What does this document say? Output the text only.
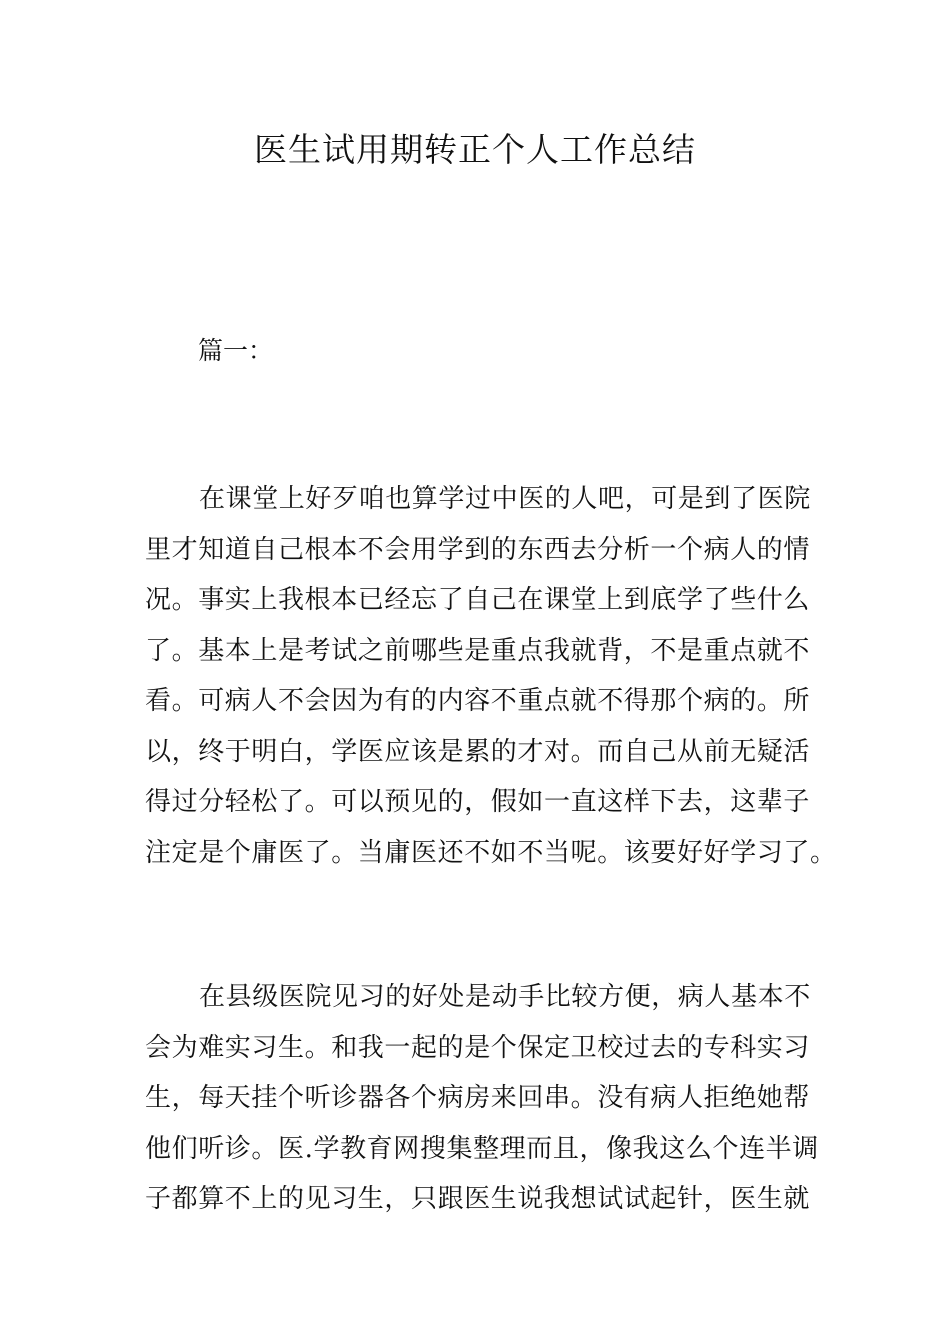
医生试用期转正个人工作总结
篇一：
在课堂上好歹咱也算学过中医的人吧，可是到了医院
里才知道自己根本不会用学到的东西去分析一个病人的情
况。事实上我根本已经忘了自己在课堂上到底学了些什么
了。基本上是考试之前哪些是重点我就背，不是重点就不
看。可病人不会因为有的内容不重点就不得那个病的。所
以，终于明白，学医应该是累的才对。而自己从前无疑活
得过分轻松了。可以预见的，假如一直这样下去，这辈子
注定是个庸医了。当庸医还不如不当呢。该要好好学习了。
在县级医院见习的好处是动手比较方便，病人基本不
会为难实习生。和我一起的是个保定卫校过去的专科实习
生，每天挂个听诊器各个病房来回串。没有病人拒绝她帮
他们听诊。医.学教育网搜集整理而且，像我这么个连半调
子都算不上的见习生，只跟医生说我想试试起针，医生就
